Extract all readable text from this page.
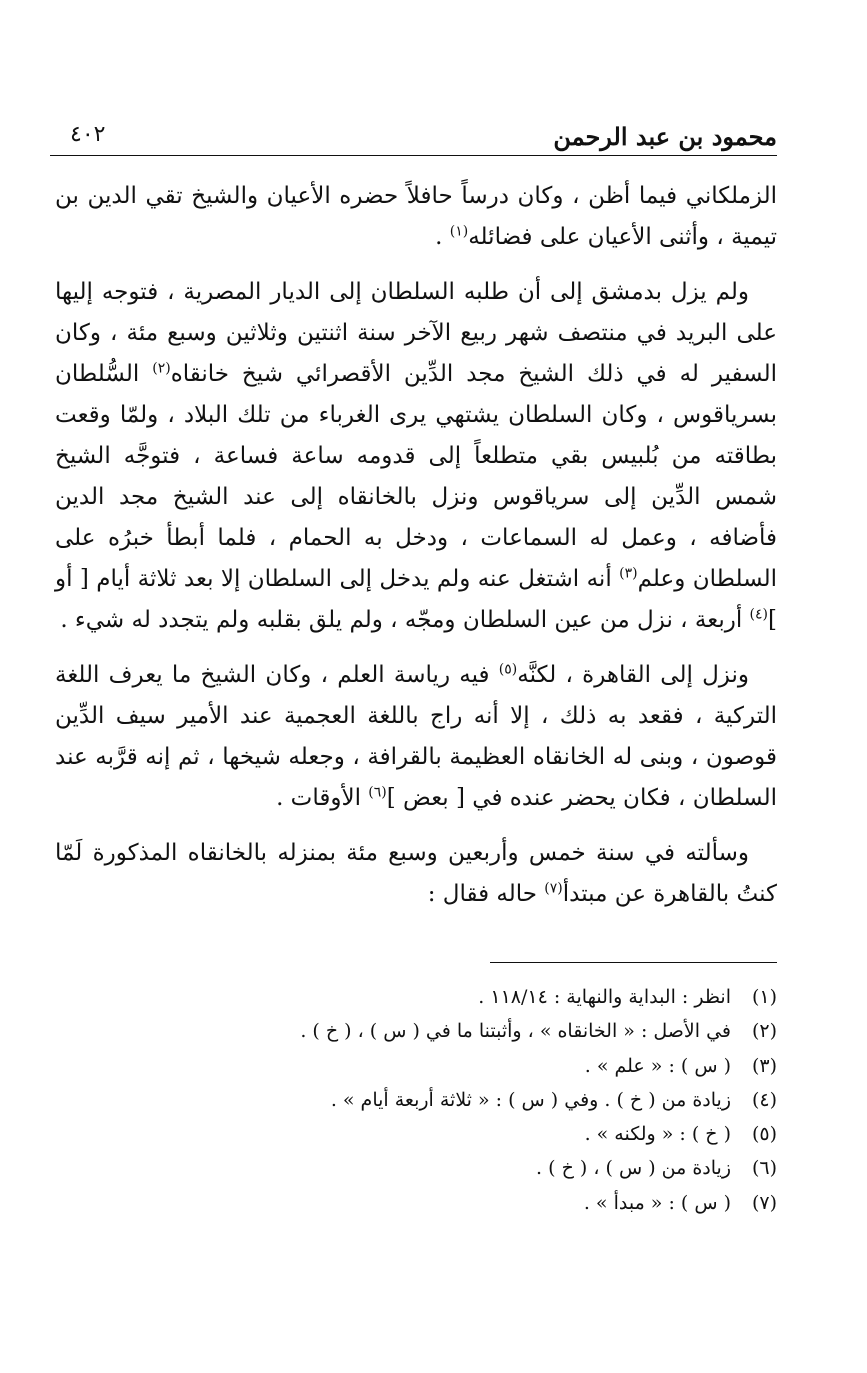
محمود بن عبد الرحمن
٤٠٢

الزملكاني فيما أظن ، وكان درساً حافلاً حضره الأعيان والشيخ تقي الدين بن تيمية ، وأثنى الأعيان على فضائله$^{(١)}$ .

ولم يزل بدمشق إلى أن طلبه السلطان إلى الديار المصرية ، فتوجه إليها على البريد في منتصف شهر ربيع الآخر سنة اثنتين وثلاثين وسبع مئة ، وكان السفير له في ذلك الشيخ مجد الدِّين الأقصرائي شيخ خانقاه$^{(٢)}$ السُّلطان بسرياقوس ، وكان السلطان يشتهي يرى الغرباء من تلك البلاد ، ولمّا وقعت بطاقته من بُلبيس بقي متطلعاً إلى قدومه ساعة فساعة ، فتوجَّه الشيخ شمس الدِّين إلى سرياقوس ونزل بالخانقاه إلى عند الشيخ مجد الدين فأضافه ، وعمل له السماعات ، ودخل به الحمام ، فلما أبطأ خبرُه على السلطان وعلم$^{(٣)}$ أنه اشتغل عنه ولم يدخل إلى السلطان إلا بعد ثلاثة أيام [ أو ]$^{(٤)}$ أربعة ، نزل من عين السلطان ومجّه ، ولم يلق بقلبه ولم يتجدد له شيء .

ونزل إلى القاهرة ، لكنَّه$^{(٥)}$ فيه رياسة العلم ، وكان الشيخ ما يعرف اللغة التركية ، فقعد به ذلك ، إلا أنه راج باللغة العجمية عند الأمير سيف الدِّين قوصون ، وبنى له الخانقاه العظيمة بالقرافة ، وجعله شيخها ، ثم إنه قرَّبه عند السلطان ، فكان يحضر عنده في [ بعض ]$^{(٦)}$ الأوقات .

وسألته في سنة خمس وأربعين وسبع مئة بمنزله بالخانقاه المذكورة لَمّا كنتُ بالقاهرة عن مبتدأ$^{(٧)}$ حاله فقال :

(١)انظر : البداية والنهاية : ١١٨/١٤ .
(٢)في الأصل : « الخانقاه » ، وأثبتنا ما في ( س ) ، ( خ ) .
(٣)( س ) : « علم » .
(٤)زيادة من ( خ ) . وفي ( س ) : « ثلاثة أربعة أيام » .
(٥)( خ ) : « ولكنه » .
(٦)زيادة من ( س ) ، ( خ ) .
(٧)( س ) : « مبدأ » .
